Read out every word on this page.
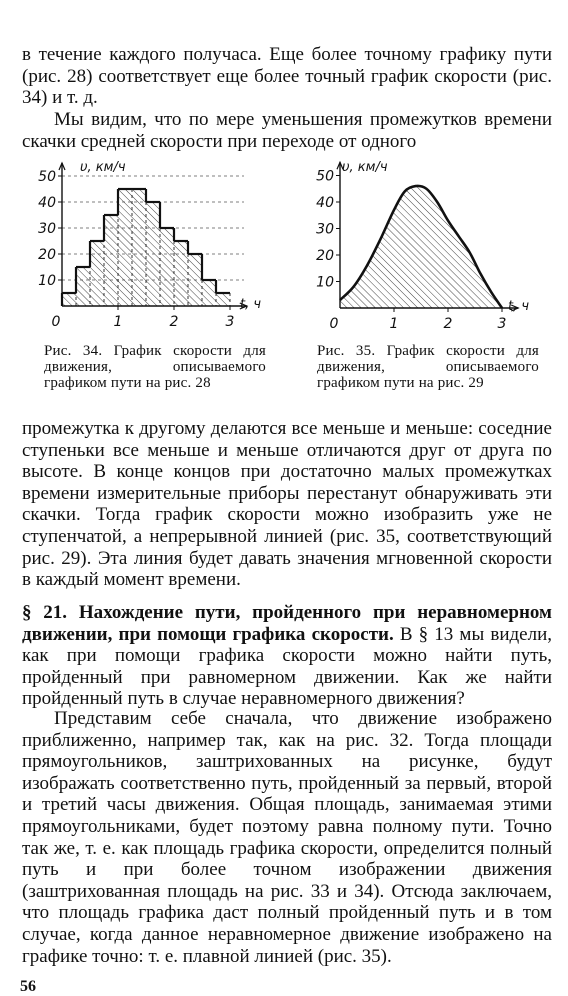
в течение каждого получаса. Еще более точному графику пути (рис. 28) соответствует еще более точный график скорости (рис. 34) и т. д.

Мы видим, что по мере уменьшения промежутков времени скачки средней скорости при переходе от одного

υ, км/ч
t, ч
50
40
30
20
10
0	1	2	3
υ, км/ч
t, ч
50
40
30
20
10
0	1	2	3

Рис. 34. График скорости для движения, описываемого графиком пути на рис. 28

Рис. 35. График скорости для движения, описываемого графиком пути на рис. 29

промежутка к другому делаются все меньше и меньше: соседние ступеньки все меньше и меньше отличаются друг от друга по высоте. В конце концов при достаточно малых промежутках времени измерительные приборы перестанут обнаруживать эти скачки. Тогда график скорости можно изобразить уже не ступенчатой, а непрерывной линией (рис. 35, соответствующий рис. 29). Эта линия будет давать значения мгновенной скорости в каждый момент времени.

§ 21. Нахождение пути, пройденного при неравномерном движении, при помощи графика скорости. В § 13 мы видели, как при помощи графика скорости можно найти путь, пройденный при равномерном движении. Как же найти пройденный путь в случае неравномерного движения?

Представим себе сначала, что движение изображено приближенно, например так, как на рис. 32. Тогда площади прямоугольников, заштрихованных на рисунке, будут изображать соответственно путь, пройденный за первый, второй и третий часы движения. Общая площадь, занимаемая этими прямоугольниками, будет поэтому равна полному пути. Точно так же, т. е. как площадь графика скорости, определится полный путь и при более точном изображении движения (заштрихованная площадь на рис. 33 и 34). Отсюда заключаем, что площадь графика даст полный пройденный путь и в том случае, когда данное неравномерное движение изображено на графике точно: т. е. плавной линией (рис. 35).

56
